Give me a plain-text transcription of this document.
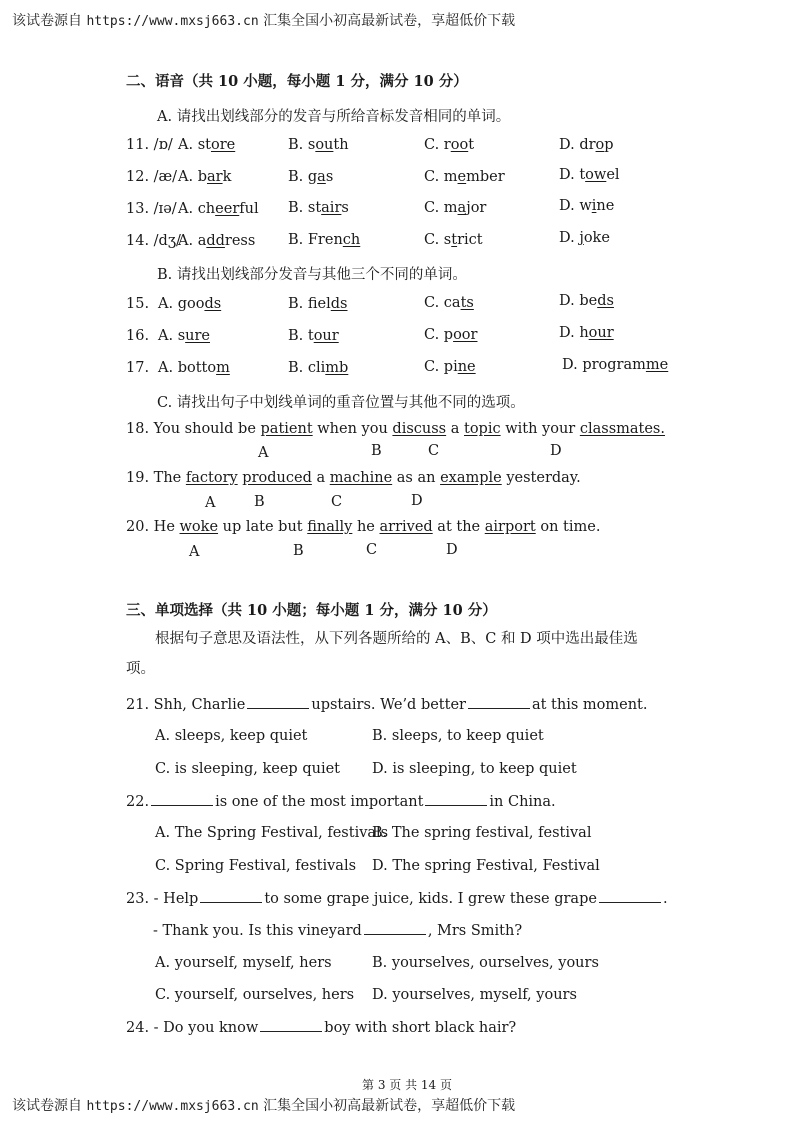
该试卷源自 https://www.mxsj663.cn 汇集全国小初高最新试卷，享超低价下载
二、语音（共 10 小题，每小题 1 分，满分 10 分）
A. 请找出划线部分的发音与所给音标发音相同的单词。
11. /ɒ/ A. store	B. south	C. root	D. drop
12. /æ/ A. bark	B. gas	C. member	D. towel
13. /ɪə/ A. cheerful B. stairs	C. major	D. wine
14. /dʒ/
A. address B. French	C. strict	D. joke
B. 请找出划线部分发音与其他三个不同的单词。
15. A. goods	B. fields	C. cats	D. beds
16. A. sure	B. tour	C. poor	D. hour
17. A. bottom	B. climb	C. pine	D. programme
C. 请找出句子中划线单词的重音位置与其他不同的选项。
18. You should be patient when you discuss a topic with your classmates.
A	B	C	D
19. The factory produced a machine as an example yesterday.
A	B	C	D
20. He woke up late but finally he arrived at the airport on time.
A	B	C	D
三、单项选择（共 10 小题；每小题 1 分，满分 10 分）
根据句子意思及语法性，从下列各题所给的 A、B、C 和 D 项中选出最佳选
项。
21. Shh, Charlie	upstairs. We’d better	at this moment.
A. sleeps, keep quiet	B. sleeps, to keep quiet
C. is sleeping, keep quiet D. is sleeping, to keep quiet
22.	is one of the most important	in China.
A. The Spring Festival, festivals
B. The spring festival, festival
C. Spring Festival, festivals D. The spring Festival, Festival
23. - Help	to some grape juice, kids. I grew these grape	.
- Thank you. Is this vineyard	, Mrs Smith?
A. yourself, myself, hers	B. yourselves, ourselves, yours
C. yourself, ourselves, hers D. yourselves, myself, yours
24. - Do you know	boy with short black hair?
第 3 页 共 14 页
该试卷源自 https://www.mxsj663.cn 汇集全国小初高最新试卷，享超低价下载
